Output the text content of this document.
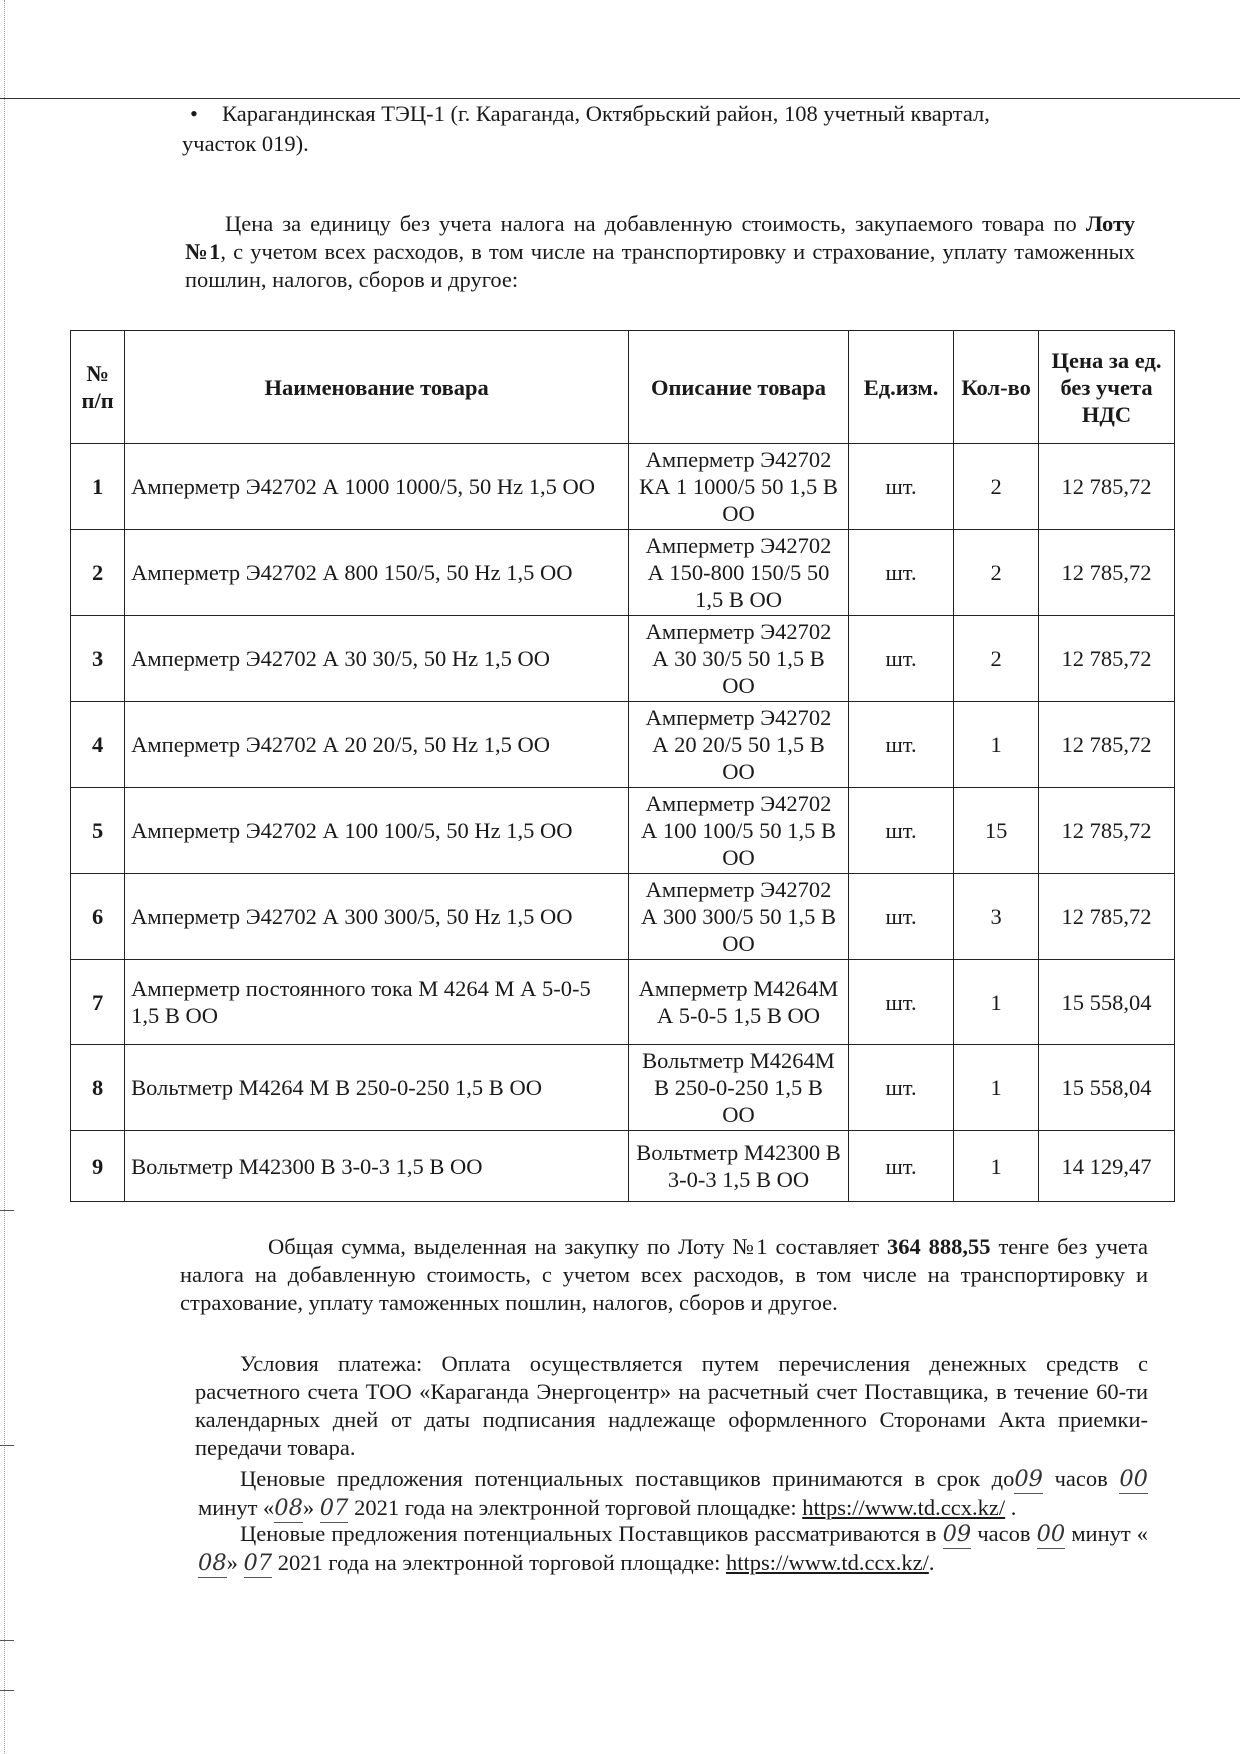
• Карагандинская ТЭЦ-1 (г. Караганда, Октябрьский район, 108 учетный квартал,
участок 019).
Цена за единицу без учета налога на добавленную стоимость, закупаемого товара по Лоту №1, с учетом всех расходов, в том числе на транспортировку и страхование, уплату таможенных пошлин, налогов, сборов и другое:
№ п/п	Наименование товара	Описание товара	Ед.изм.	Кол-во	Цена за ед. без учета НДС
1	Амперметр Э42702 А 1000 1000/5, 50 Hz 1,5 ОО	Амперметр Э42702 КА 1 1000/5 50 1,5 В ОО	шт.	2	12 785,72
2	Амперметр Э42702 А 800 150/5, 50 Hz 1,5 ОО	Амперметр Э42702 А 150-800 150/5 50 1,5 В ОО	шт.	2	12 785,72
3	Амперметр Э42702 А 30 30/5, 50 Hz 1,5 ОО	Амперметр Э42702 А 30 30/5 50 1,5 В ОО	шт.	2	12 785,72
4	Амперметр Э42702 А 20 20/5, 50 Hz 1,5 ОО	Амперметр Э42702 А 20 20/5 50 1,5 В ОО	шт.	1	12 785,72
5	Амперметр Э42702 А 100 100/5, 50 Hz 1,5 ОО	Амперметр Э42702 А 100 100/5 50 1,5 В ОО	шт.	15	12 785,72
6	Амперметр Э42702 А 300 300/5, 50 Hz 1,5 ОО	Амперметр Э42702 А 300 300/5 50 1,5 В ОО	шт.	3	12 785,72
7	Амперметр постоянного тока М 4264 М А 5-0-5 1,5 В ОО	Амперметр М4264М А 5-0-5 1,5 В ОО	шт.	1	15 558,04
8	Вольтметр М4264 М В 250-0-250 1,5 В ОО	Вольтметр М4264М В 250-0-250 1,5 В ОО	шт.	1	15 558,04
9	Вольтметр М42300 В 3-0-3 1,5 В ОО	Вольтметр М42300 В 3-0-3 1,5 В ОО	шт.	1	14 129,47
Общая сумма, выделенная на закупку по Лоту №1 составляет 364 888,55 тенге без учета налога на добавленную стоимость, с учетом всех расходов, в том числе на транспортировку и страхование, уплату таможенных пошлин, налогов, сборов и другое.
Условия платежа: Оплата осуществляется путем перечисления денежных средств с расчетного счета ТОО «Караганда Энергоцентр» на расчетный счет Поставщика, в течение 60-ти календарных дней от даты подписания надлежаще оформленного Сторонами Акта приемки-передачи товара.
Ценовые предложения потенциальных поставщиков принимаются в срок до09 часов 00 минут «08» 07 2021 года на электронной торговой площадке: https://www.td.ccx.kz/ .
Ценовые предложения потенциальных Поставщиков рассматриваются в 09 часов 00 минут «08» 07 2021 года на электронной торговой площадке: https://www.td.ccx.kz/.
